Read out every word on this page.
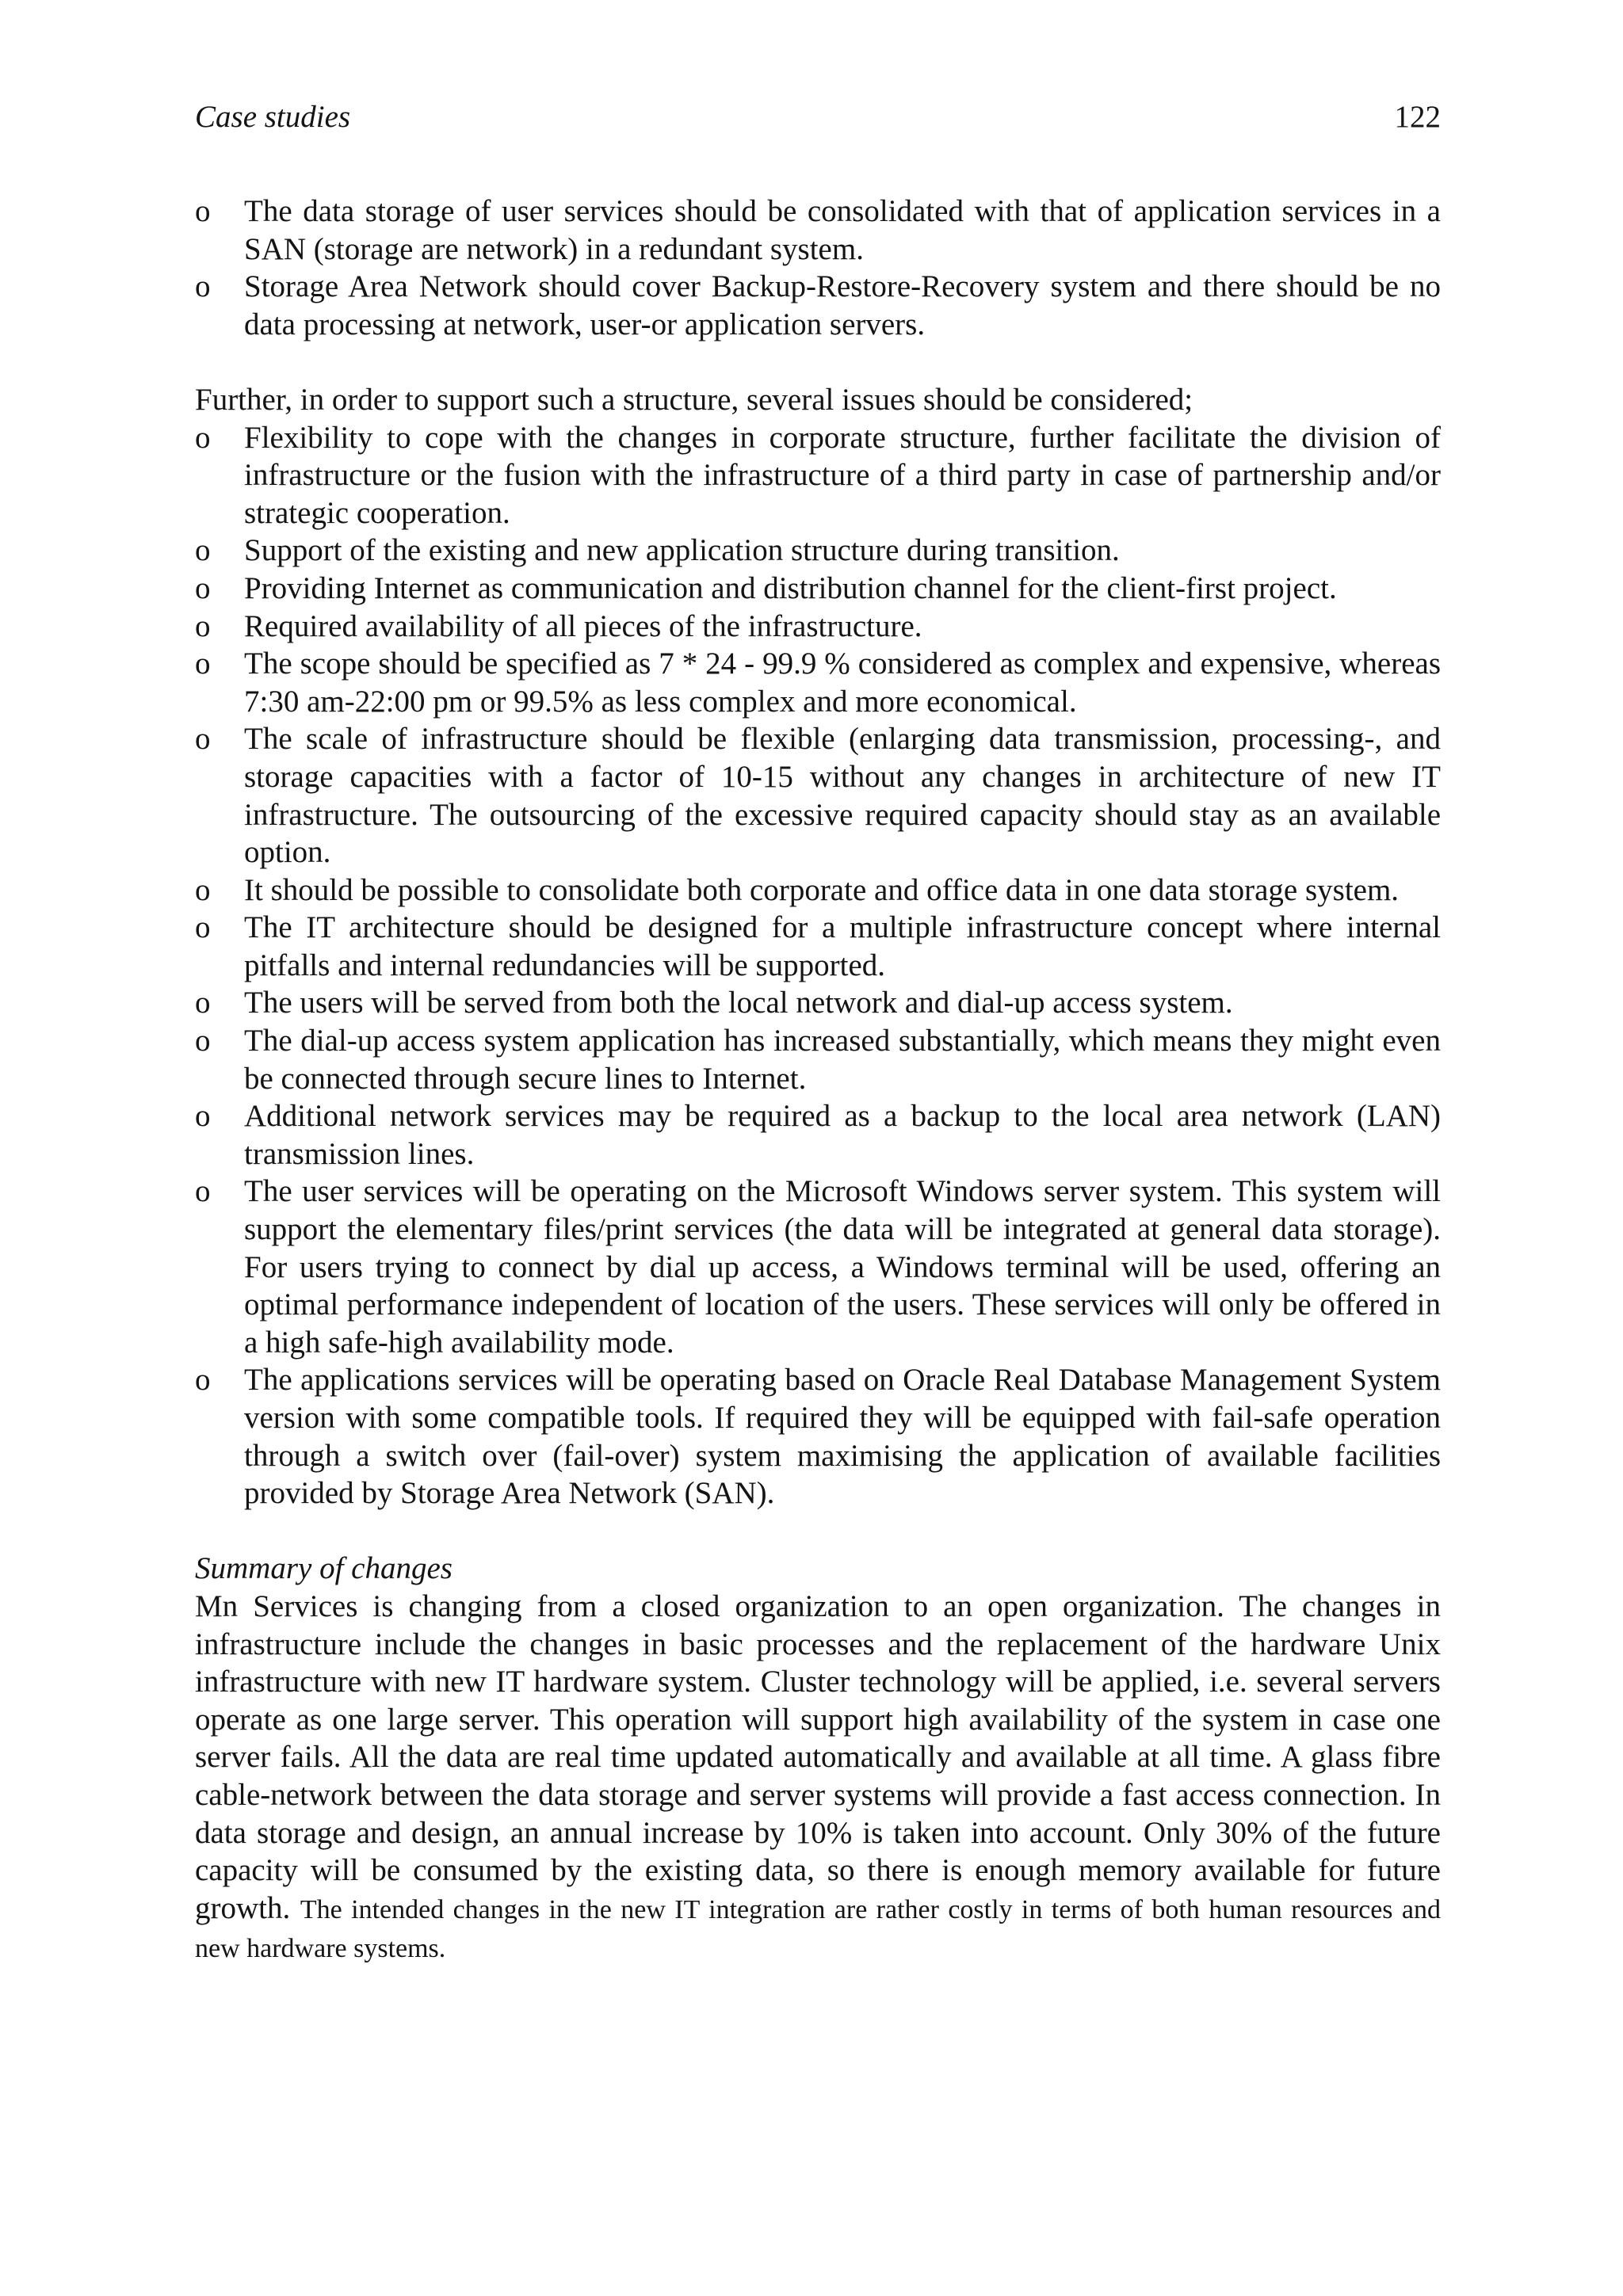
Case studies	122
o The data storage of user services should be consolidated with that of application services in a SAN (storage are network) in a redundant system.
o Storage Area Network should cover Backup-Restore-Recovery system and there should be no data processing at network, user-or application servers.

Further, in order to support such a structure, several issues should be considered;

o Flexibility to cope with the changes in corporate structure, further facilitate the division of infrastructure or the fusion with the infrastructure of a third party in case of partnership and/or strategic cooperation.
o Support of the existing and new application structure during transition.
o Providing Internet as communication and distribution channel for the client-first project.
o Required availability of all pieces of the infrastructure.
o The scope should be specified as 7 * 24 - 99.9 % considered as complex and expensive, whereas 7:30 am-22:00 pm or 99.5% as less complex and more economical.
o The scale of infrastructure should be flexible (enlarging data transmission, processing-, and storage capacities with a factor of 10-15 without any changes in architecture of new IT infrastructure. The outsourcing of the excessive required capacity should stay as an available option.
o It should be possible to consolidate both corporate and office data in one data storage system.
o The IT architecture should be designed for a multiple infrastructure concept where internal pitfalls and internal redundancies will be supported.
o The users will be served from both the local network and dial-up access system.
o The dial-up access system application has increased substantially, which means they might even be connected through secure lines to Internet.
o Additional network services may be required as a backup to the local area network (LAN) transmission lines.
o The user services will be operating on the Microsoft Windows server system. This system will support the elementary files/print services (the data will be integrated at general data storage). For users trying to connect by dial up access, a Windows terminal will be used, offering an optimal performance independent of location of the users. These services will only be offered in a high safe-high availability mode.
o The applications services will be operating based on Oracle Real Database Management System version with some compatible tools. If required they will be equipped with fail-safe operation through a switch over (fail-over) system maximising the application of available facilities provided by Storage Area Network (SAN).

Summary of changes

Mn Services is changing from a closed organization to an open organization. The changes in infrastructure include the changes in basic processes and the replacement of the hardware Unix infrastructure with new IT hardware system. Cluster technology will be applied, i.e. several servers operate as one large server. This operation will support high availability of the system in case one server fails. All the data are real time updated automatically and available at all time. A glass fibre cable-network between the data storage and server systems will provide a fast access connection. In data storage and design, an annual increase by 10% is taken into account. Only 30% of the future capacity will be consumed by the existing data, so there is enough memory available for future growth. The intended changes in the new IT integration are rather costly in terms of both human resources and new hardware systems.
